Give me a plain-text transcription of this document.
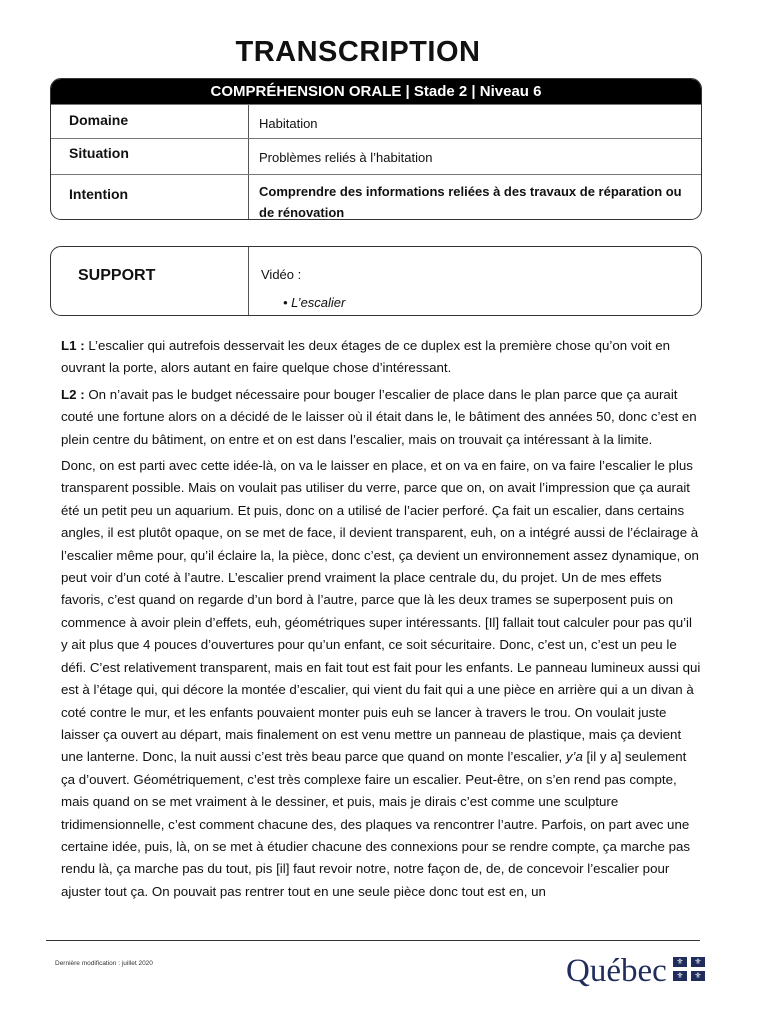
TRANSCRIPTION
COMPRÉHENSION ORALE | Stade 2 | Niveau 6
Domaine	Habitation
Situation	Problèmes reliés à l’habitation
Intention	Comprendre des informations reliées à des travaux de réparation ou de rénovation
SUPPORT	Vidéo :
• L’escalier

L1 : L’escalier qui autrefois desservait les deux étages de ce duplex est la première chose qu’on voit en ouvrant la porte, alors autant en faire quelque chose d’intéressant.

L2 : On n’avait pas le budget nécessaire pour bouger l’escalier de place dans le plan parce que ça aurait couté une fortune alors on a décidé de le laisser où il était dans le, le bâtiment des années 50, donc c’est en plein centre du bâtiment, on entre et on est dans l’escalier, mais on trouvait ça intéressant à la limite.

Donc, on est parti avec cette idée-là, on va le laisser en place, et on va en faire, on va faire l’escalier le plus transparent possible. Mais on voulait pas utiliser du verre, parce que on, on avait l’impression que ça aurait été un petit peu un aquarium. Et puis, donc on a utilisé de l’acier perforé. Ça fait un escalier, dans certains angles, il est plutôt opaque, on se met de face, il devient transparent, euh, on a intégré aussi de l’éclairage à l’escalier même pour, qu’il éclaire la, la pièce, donc c’est, ça devient un environnement assez dynamique, on peut voir d’un coté à l’autre. L’escalier prend vraiment la place centrale du, du projet. Un de mes effets favoris, c’est quand on regarde d’un bord à l’autre, parce que là les deux trames se superposent puis on commence à avoir plein d’effets, euh, géométriques super intéressants. [Il] fallait tout calculer pour pas qu’il y ait plus que 4 pouces d’ouvertures pour qu’un enfant, ce soit sécuritaire. Donc, c’est un, c’est un peu le défi. C’est relativement transparent, mais en fait tout est fait pour les enfants. Le panneau lumineux aussi qui est à l’étage qui, qui décore la montée d’escalier, qui vient du fait qui a une pièce en arrière qui a un divan à coté contre le mur, et les enfants pouvaient monter puis euh se lancer à travers le trou. On voulait juste laisser ça ouvert au départ, mais finalement on est venu mettre un panneau de plastique, mais ça devient une lanterne. Donc, la nuit aussi c’est très beau parce que quand on monte l’escalier, y’a [il y a] seulement ça d’ouvert. Géométriquement, c’est très complexe faire un escalier. Peut-être, on s’en rend pas compte, mais quand on se met vraiment à le dessiner, et puis, mais je dirais c’est comme une sculpture tridimensionnelle, c’est comment chacune des, des plaques va rencontrer l’autre. Parfois, on part avec une certaine idée, puis, là, on se met à étudier chacune des connexions pour se rendre compte, ça marche pas rendu là, ça marche pas du tout, pis [il] faut revoir notre, notre façon de, de, de concevoir l’escalier pour ajuster tout ça. On pouvait pas rentrer tout en une seule pièce donc tout est en, un

Dernière modification : juillet 2020	Québec	⚜	⚜
⚜	⚜
